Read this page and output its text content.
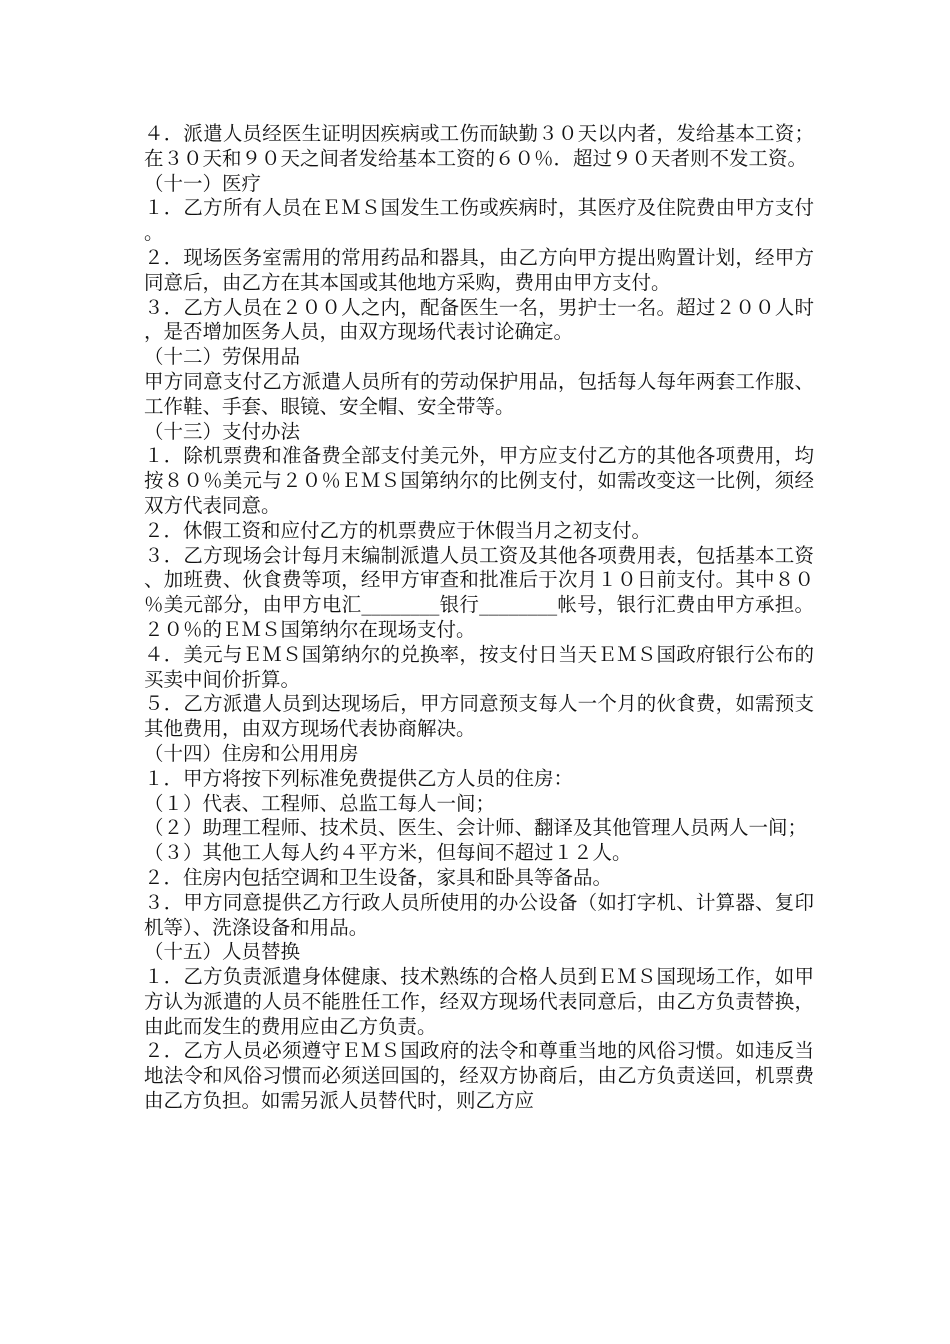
４．派遣人员经医生证明因疾病或工伤而缺勤３０天以内者，发给基本工资；在３０天和９０天之间者发给基本工资的６０％．超过９０天者则不发工资。

（十一）医疗

１．乙方所有人员在ＥＭＳ国发生工伤或疾病时，其医疗及住院费由甲方支付。

２．现场医务室需用的常用药品和器具，由乙方向甲方提出购置计划，经甲方同意后，由乙方在其本国或其他地方采购，费用由甲方支付。

３．乙方人员在２００人之内，配备医生一名，男护士一名。超过２００人时，是否增加医务人员，由双方现场代表讨论确定。

（十二）劳保用品

甲方同意支付乙方派遣人员所有的劳动保护用品，包括每人每年两套工作服、工作鞋、手套、眼镜、安全帽、安全带等。

（十三）支付办法

１．除机票费和准备费全部支付美元外，甲方应支付乙方的其他各项费用，均按８０％美元与２０％ＥＭＳ国第纳尔的比例支付，如需改变这一比例，须经双方代表同意。

２．休假工资和应付乙方的机票费应于休假当月之初支付。

３．乙方现场会计每月末编制派遣人员工资及其他各项费用表，包括基本工资、加班费、伙食费等项，经甲方审查和批准后于次月１０日前支付。其中８０％美元部分，由甲方电汇________银行________帐号，银行汇费由甲方承担。２０％的ＥＭＳ国第纳尔在现场支付。

４．美元与ＥＭＳ国第纳尔的兑换率，按支付日当天ＥＭＳ国政府银行公布的买卖中间价折算。

５．乙方派遣人员到达现场后，甲方同意预支每人一个月的伙食费，如需预支其他费用，由双方现场代表协商解决。

（十四）住房和公用用房

１．甲方将按下列标准免费提供乙方人员的住房：

（１）代表、工程师、总监工每人一间；

（２）助理工程师、技术员、医生、会计师、翻译及其他管理人员两人一间；

（３）其他工人每人约４平方米，但每间不超过１２人。

２．住房内包括空调和卫生设备，家具和卧具等备品。

３．甲方同意提供乙方行政人员所使用的办公设备（如打字机、计算器、复印机等）、洗涤设备和用品。

（十五）人员替换

１．乙方负责派遣身体健康、技术熟练的合格人员到ＥＭＳ国现场工作，如甲方认为派遣的人员不能胜任工作，经双方现场代表同意后，由乙方负责替换，由此而发生的费用应由乙方负责。

２．乙方人员必须遵守ＥＭＳ国政府的法令和尊重当地的风俗习惯。如违反当地法令和风俗习惯而必须送回国的，经双方协商后，由乙方负责送回，机票费由乙方负担。如需另派人员替代时，则乙方应
